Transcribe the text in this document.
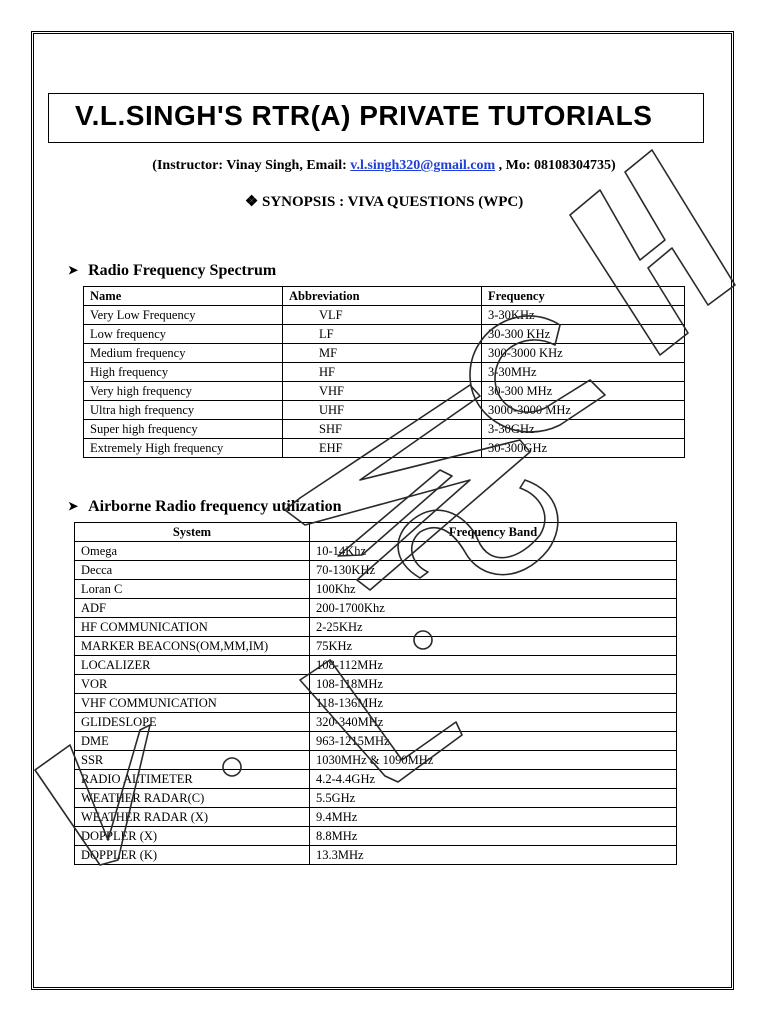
V.L.SINGH'S RTR(A) PRIVATE TUTORIALS
(Instructor: Vinay Singh, Email: v.l.singh320@gmail.com , Mo: 08108304735)
❖ SYNOPSIS : VIVA QUESTIONS (WPC)
➤ Radio Frequency Spectrum
Name	Abbreviation	Frequency
Very Low Frequency	VLF	3-30KHz
Low frequency	LF	30-300 KHz
Medium frequency	MF	300-3000 KHz
High frequency	HF	3-30MHz
Very high frequency	VHF	30-300 MHz
Ultra high frequency	UHF	3000-3000 MHz
Super high frequency	SHF	3-30GHz
Extremely High frequency	EHF	30-300GHz
➤ Airborne Radio frequency utilization
System	Frequency Band
Omega	10-14Khz
Decca	70-130KHz
Loran C	100Khz
ADF	200-1700Khz
HF COMMUNICATION	2-25KHz
MARKER BEACONS(OM,MM,IM)	75KHz
LOCALIZER	108-112MHz
VOR	108-118MHz
VHF COMMUNICATION	118-136MHz
GLIDESLOPE	320-340MHz
DME	963-1215MHz
SSR	1030MHz & 1090MHz
RADIO ALTIMETER	4.2-4.4GHz
WEATHER RADAR(C)	5.5GHz
WEATHER RADAR (X)	9.4MHz
DOPPLER (X)	8.8MHz
DOPPLER (K)	13.3MHz
